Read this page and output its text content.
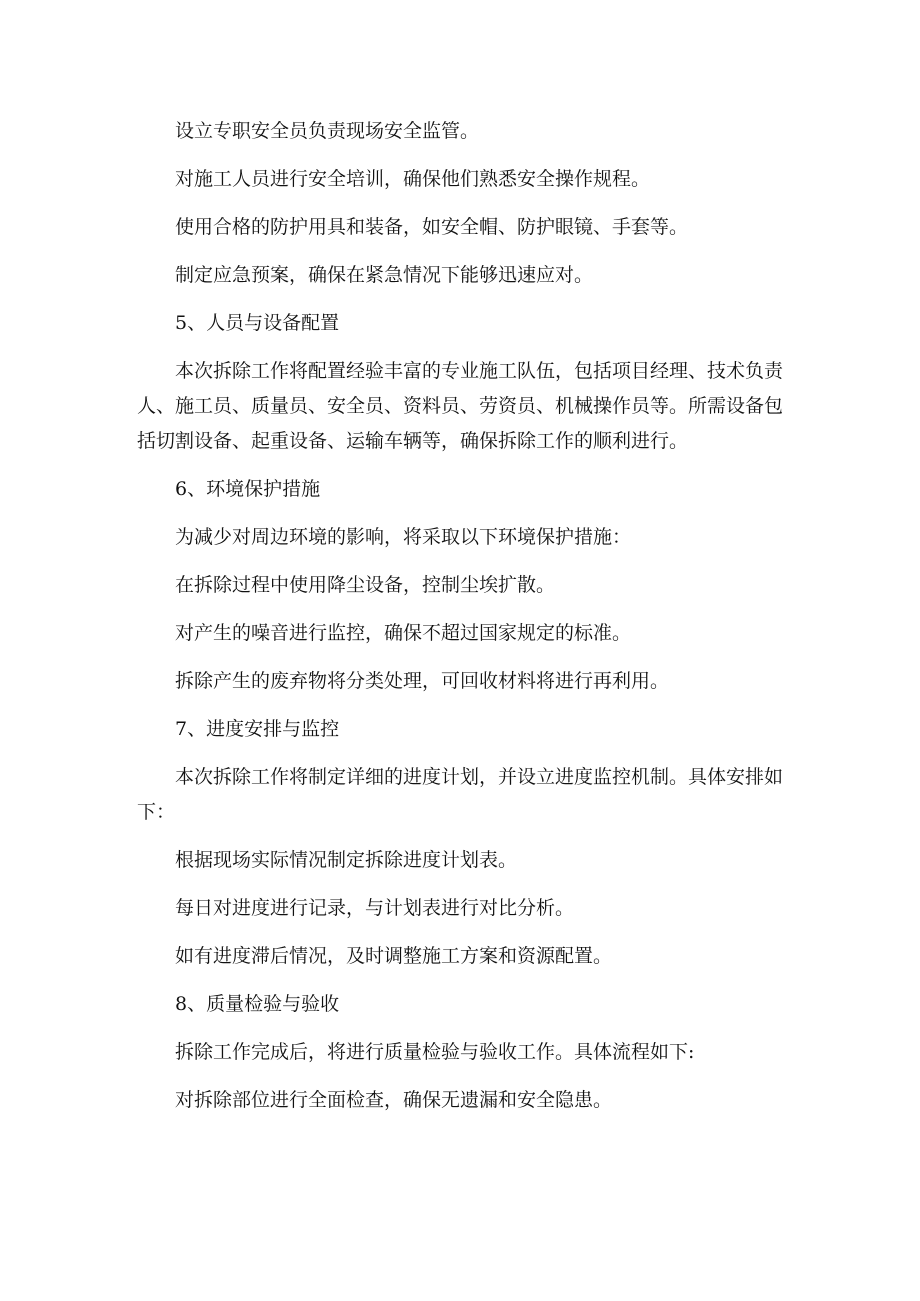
设立专职安全员负责现场安全监管。

对施工人员进行安全培训，确保他们熟悉安全操作规程。

使用合格的防护用具和装备，如安全帽、防护眼镜、手套等。

制定应急预案，确保在紧急情况下能够迅速应对。

5、人员与设备配置

本次拆除工作将配置经验丰富的专业施工队伍，包括项目经理、技术负责人、施工员、质量员、安全员、资料员、劳资员、机械操作员等。所需设备包括切割设备、起重设备、运输车辆等，确保拆除工作的顺利进行。

6、环境保护措施

为减少对周边环境的影响，将采取以下环境保护措施：

在拆除过程中使用降尘设备，控制尘埃扩散。

对产生的噪音进行监控，确保不超过国家规定的标准。

拆除产生的废弃物将分类处理，可回收材料将进行再利用。

7、进度安排与监控

本次拆除工作将制定详细的进度计划，并设立进度监控机制。具体安排如下：

根据现场实际情况制定拆除进度计划表。

每日对进度进行记录，与计划表进行对比分析。

如有进度滞后情况，及时调整施工方案和资源配置。

8、质量检验与验收

拆除工作完成后，将进行质量检验与验收工作。具体流程如下:

对拆除部位进行全面检查，确保无遗漏和安全隐患。
